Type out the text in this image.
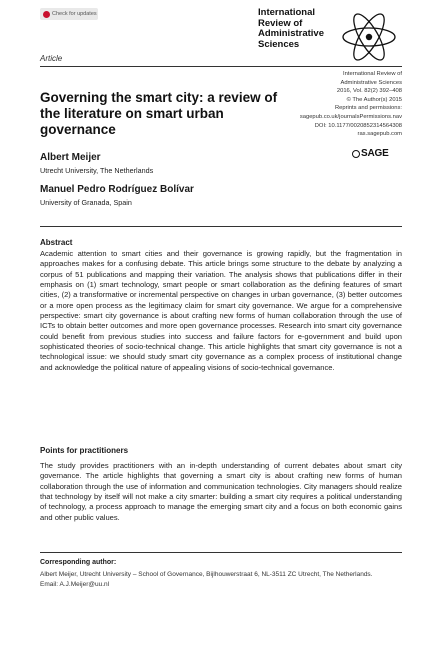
Check for updates
Article
International Review of Administrative Sciences
International Review of
Administrative Sciences
2016, Vol. 82(2) 392–408
© The Author(s) 2015
Reprints and permissions:
sagepub.co.uk/journalsPermissions.nav
DOI: 10.1177/0020852314564308
ras.sagepub.com
SAGE
Governing the smart city: a review of the literature on smart urban governance
Albert Meijer
Utrecht University, The Netherlands
Manuel Pedro Rodríguez Bolívar
University of Granada, Spain
Abstract
Academic attention to smart cities and their governance is growing rapidly, but the fragmentation in approaches makes for a confusing debate. This article brings some structure to the debate by analyzing a corpus of 51 publications and mapping their variation. The analysis shows that publications differ in their emphasis on (1) smart technology, smart people or smart collaboration as the defining features of smart cities, (2) a transformative or incremental perspective on changes in urban governance, (3) better outcomes or a more open process as the legitimacy claim for smart city governance. We argue for a comprehensive perspective: smart city governance is about crafting new forms of human collaboration through the use of ICTs to obtain better outcomes and more open governance processes. Research into smart city governance could benefit from previous studies into success and failure factors for e-government and build upon sophisticated theories of socio-technical change. This article highlights that smart city governance is not a technological issue: we should study smart city governance as a complex process of institutional change and acknowledge the political nature of appealing visions of socio-technical governance.
Points for practitioners
The study provides practitioners with an in-depth understanding of current debates about smart city governance. The article highlights that governing a smart city is about crafting new forms of human collaboration through the use of information and communication technologies. City managers should realize that technology by itself will not make a city smarter: building a smart city requires a political understanding of technology, a process approach to manage the emerging smart city and a focus on both economic gains and other public values.
Corresponding author:
Albert Meijer, Utrecht University – School of Governance, Bijlhouwerstraat 6, NL-3511 ZC Utrecht, The Netherlands.
Email: A.J.Meijer@uu.nl
